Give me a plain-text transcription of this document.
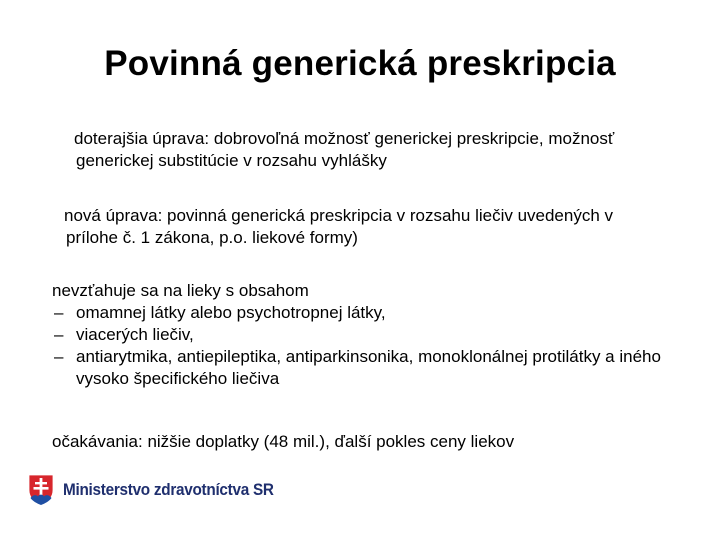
Povinná generická preskripcia

doterajšia úprava: dobrovoľná možnosť generickej preskripcie, možnosť
generickej substitúcie v rozsahu vyhlášky

nová úprava: povinná generická preskripcia v rozsahu liečiv uvedených v
prílohe č. 1 zákona, p.o. liekové formy)

nevzťahuje sa na lieky s obsahom
– omamnej látky alebo psychotropnej látky,
– viacerých liečiv,
– antiarytmika, antiepileptika, antiparkinsonika, monoklonálnej protilátky a iného vysoko špecifického liečiva

očakávania: nižšie doplatky (48 mil.), ďalší pokles ceny liekov

Ministerstvo zdravotníctva SR
